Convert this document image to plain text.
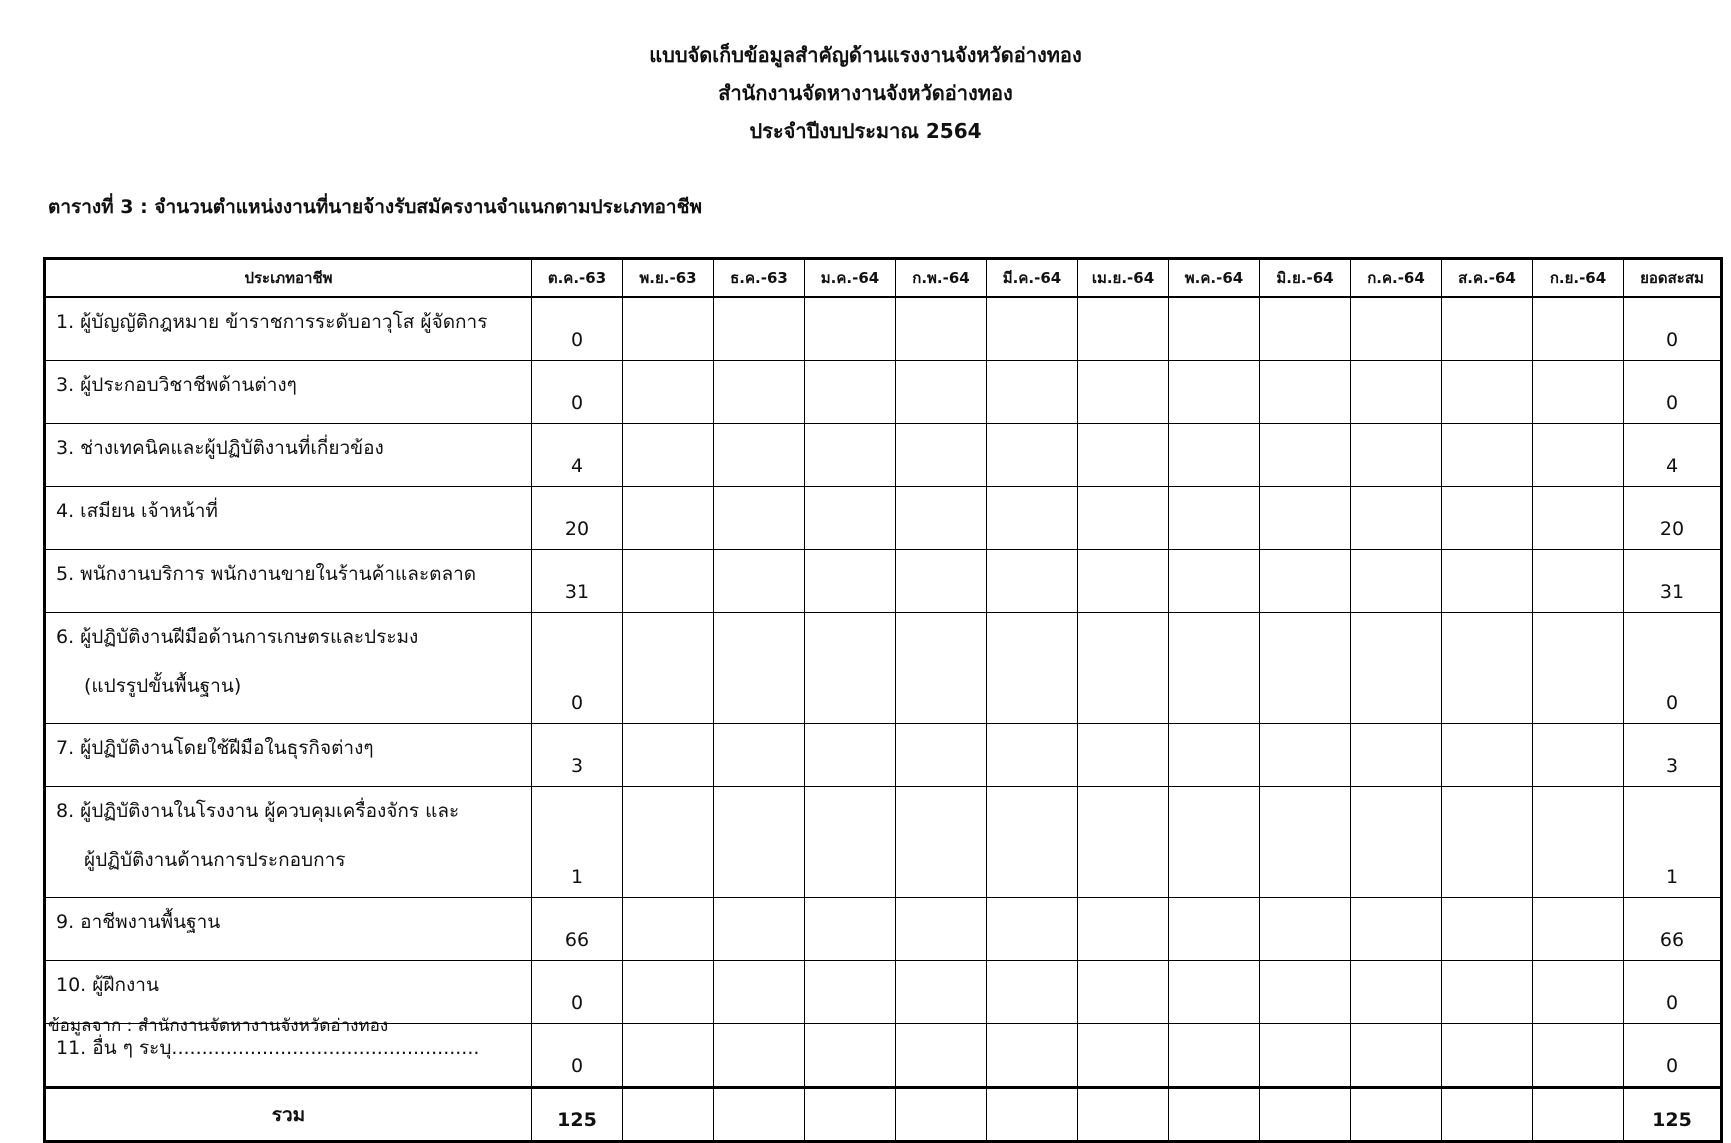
แบบจัดเก็บข้อมูลสำคัญด้านแรงงานจังหวัดอ่างทอง
สำนักงานจัดหางานจังหวัดอ่างทอง
ประจำปีงบประมาณ 2564
ตารางที่ 3 : จำนวนตำแหน่งงานที่นายจ้างรับสมัครงานจำแนกตามประเภทอาชีพ
ประเภทอาชีพ	ต.ค.-63	พ.ย.-63	ธ.ค.-63	ม.ค.-64	ก.พ.-64	มี.ค.-64	เม.ย.-64	พ.ค.-64	มิ.ย.-64	ก.ค.-64	ส.ค.-64	ก.ย.-64	ยอดสะสม

1. ผู้บัญญัติกฎหมาย ข้าราชการระดับอาวุโส ผู้จัดการ	0												0

3. ผู้ประกอบวิชาชีพด้านต่างๆ	0												0

3. ช่างเทคนิคและผู้ปฏิบัติงานที่เกี่ยวข้อง	4												4

4. เสมียน เจ้าหน้าที่	20												20

5. พนักงานบริการ พนักงานขายในร้านค้าและตลาด	31												31

6. ผู้ปฏิบัติงานฝีมือด้านการเกษตรและประมง
(แปรรูปขั้นพื้นฐาน)	0												0

7. ผู้ปฏิบัติงานโดยใช้ฝีมือในธุรกิจต่างๆ	3												3

8. ผู้ปฏิบัติงานในโรงงาน ผู้ควบคุมเครื่องจักร และ
ผู้ปฏิบัติงานด้านการประกอบการ	1												1

9. อาชีพงานพื้นฐาน	66												66

10. ผู้ฝึกงาน	0												0

11. อื่น ๆ ระบุ...................................................	0												0
รวม	125												125
ข้อมูลจาก : สำนักงานจัดหางานจังหวัดอ่างทอง
